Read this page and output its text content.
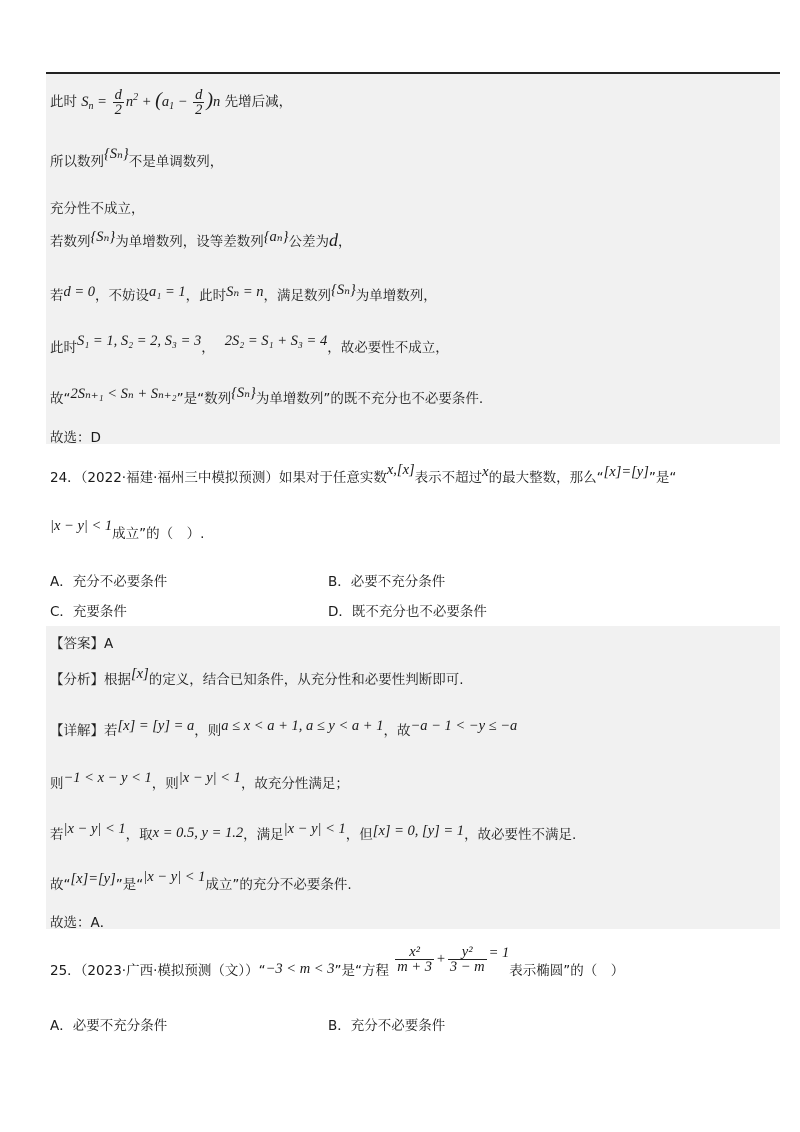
此时 $S_n = \frac{d}{2} n^2 + (a_1 - \frac{d}{2} )n$ 先增后减，
所以数列{Sₙ}不是单调数列，
充分性不成立，
若数列{Sₙ}为单增数列，设等差数列{aₙ}公差为d，
若d = 0，不妨设a₁ = 1，此时Sₙ = n，满足数列{Sₙ}为单增数列，
此时S₁ = 1, S₂ = 2, S₃ = 3， 2S₂ = S₁ + S₃ = 4，故必要性不成立，
故“2Sₙ₊₁ < Sₙ + Sₙ₊₂”是“数列{Sₙ}为单增数列”的既不充分也不必要条件.
故选：D
24．（2022·福建·福州三中模拟预测）如果对于任意实数x,[x]表示不超过x的最大整数，那么“[x]=[y]”是“
|x − y| < 1成立”的（　）.
A．充分不必要条件	B．必要不充分条件
C．充要条件	D．既不充分也不必要条件
【答案】A
【分析】根据[x]的定义，结合已知条件，从充分性和必要性判断即可.
【详解】若[x] = [y] = a，则a ≤ x < a + 1, a ≤ y < a + 1，故−a − 1 < −y ≤ −a
则−1 < x − y < 1，则|x − y| < 1，故充分性满足；
若|x − y| < 1，取x = 0.5, y = 1.2，满足|x − y| < 1，但[x] = 0, [y] = 1，故必要性不满足.
故“[x]=[y]”是“|x − y| < 1成立”的充分不必要条件.
故选：A．
25．（2023·广西·模拟预测（文））“−3 < m < 3”是“方程 $\frac{\text{x²}}{m + 3} + \frac{\text{y²}}{3 - m} = 1$表示椭圆”的（　）
A．必要不充分条件	B．充分不必要条件
